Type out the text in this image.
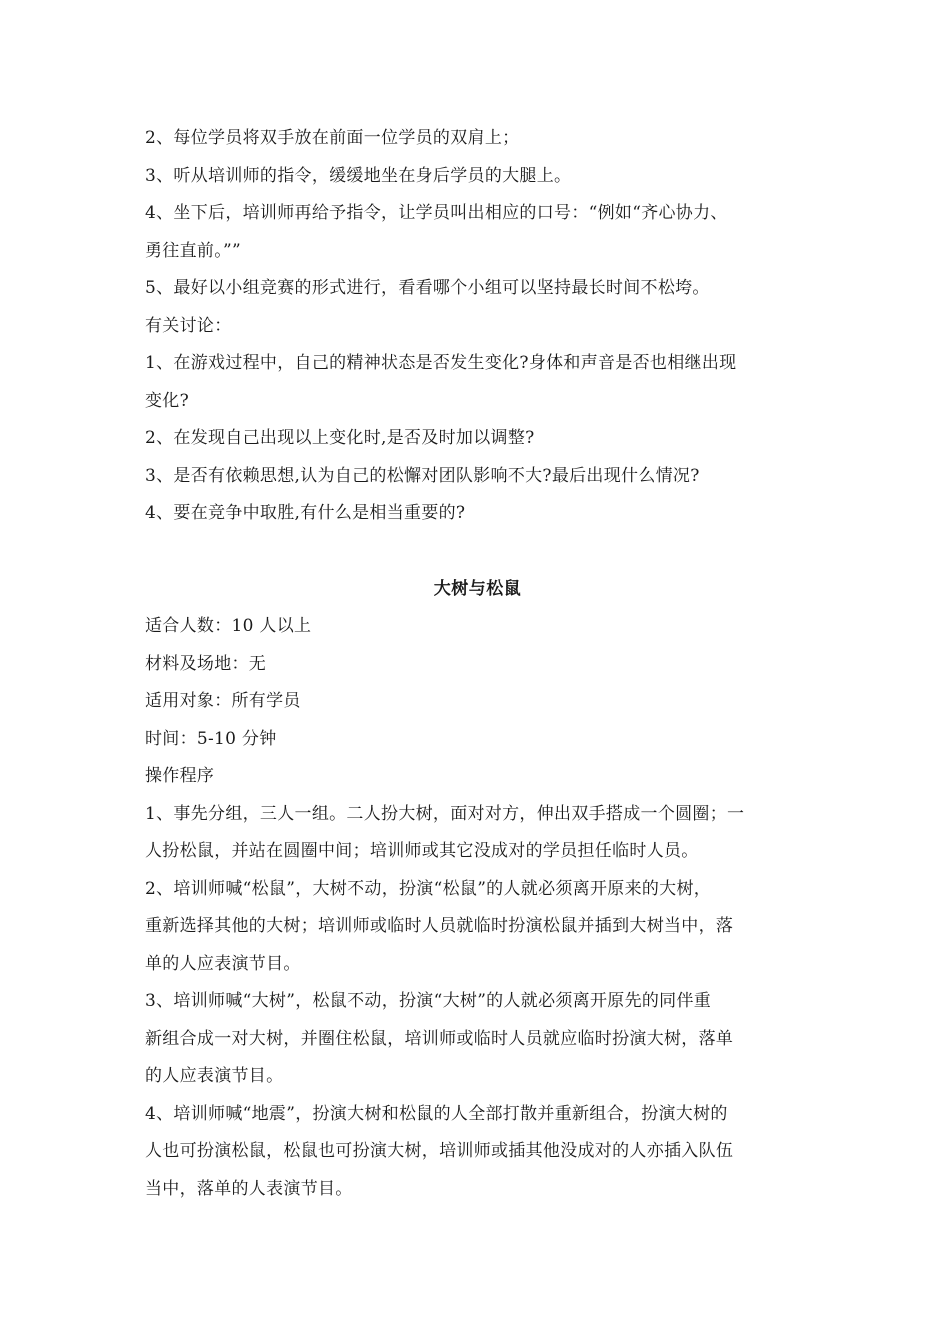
2、每位学员将双手放在前面一位学员的双肩上；
3、听从培训师的指令，缓缓地坐在身后学员的大腿上。
4、坐下后，培训师再给予指令，让学员叫出相应的口号：“例如“齐心协力、
勇往直前。””
5、最好以小组竞赛的形式进行，看看哪个小组可以坚持最长时间不松垮。
有关讨论：
1、在游戏过程中，自己的精神状态是否发生变化?身体和声音是否也相继出现
变化?
2、在发现自己出现以上变化时,是否及时加以调整?
3、是否有依赖思想,认为自己的松懈对团队影响不大?最后出现什么情况?
4、要在竞争中取胜,有什么是相当重要的?
大树与松鼠
适合人数：10 人以上
材料及场地：无
适用对象：所有学员
时间：5-10 分钟
操作程序
1、事先分组，三人一组。二人扮大树，面对对方，伸出双手搭成一个圆圈；一
人扮松鼠，并站在圆圈中间；培训师或其它没成对的学员担任临时人员。
2、培训师喊“松鼠”，大树不动，扮演“松鼠”的人就必须离开原来的大树，
重新选择其他的大树；培训师或临时人员就临时扮演松鼠并插到大树当中，落
单的人应表演节目。
3、培训师喊“大树”，松鼠不动，扮演“大树”的人就必须离开原先的同伴重
新组合成一对大树，并圈住松鼠，培训师或临时人员就应临时扮演大树，落单
的人应表演节目。
4、培训师喊“地震”，扮演大树和松鼠的人全部打散并重新组合，扮演大树的
人也可扮演松鼠，松鼠也可扮演大树，培训师或插其他没成对的人亦插入队伍
当中，落单的人表演节目。
